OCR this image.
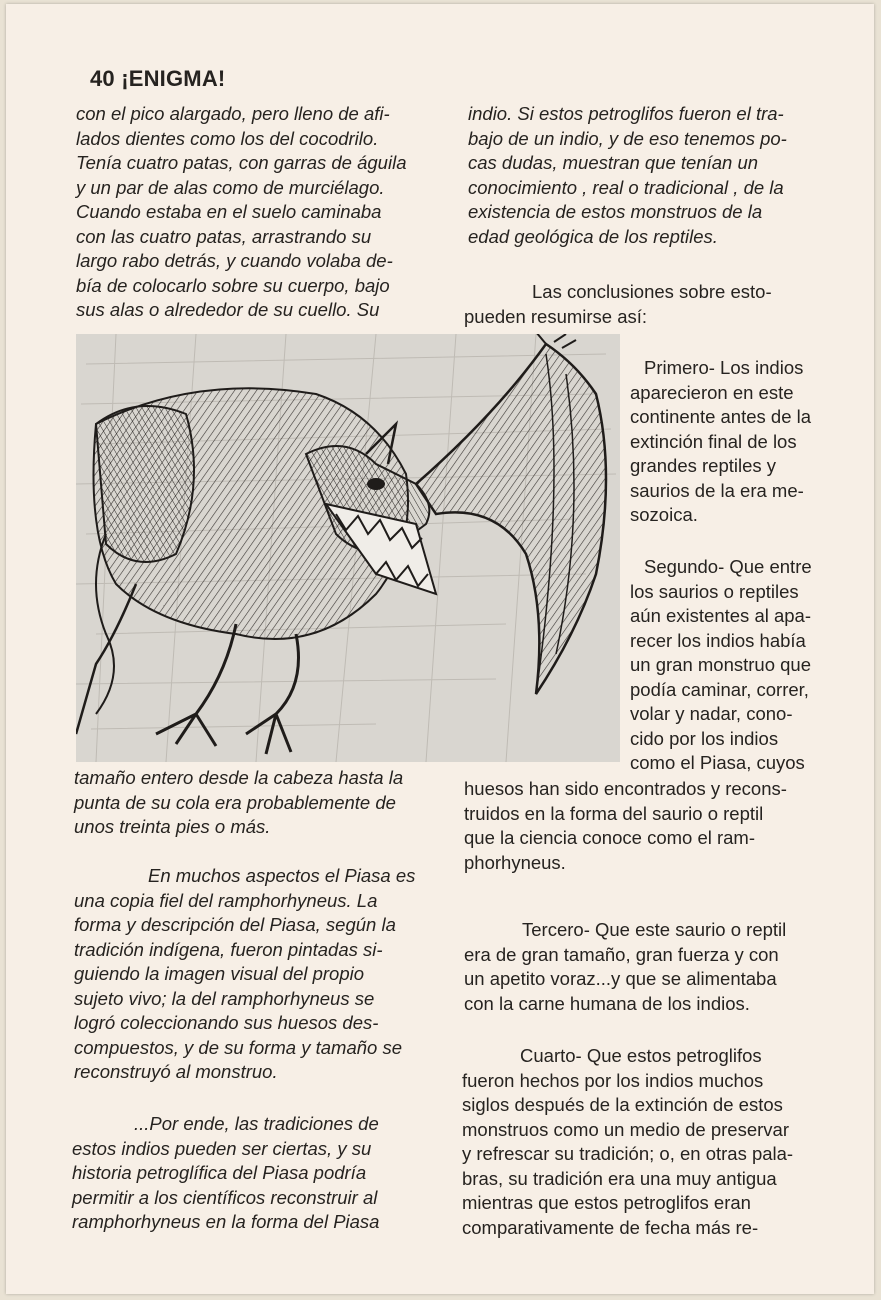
40 ¡ENIGMA!
con el pico alargado, pero lleno de afi-
lados dientes como los del cocodrilo.
Tenía cuatro patas, con garras de águila
y un par de alas como de murciélago.
Cuando estaba en el suelo caminaba
con las cuatro patas, arrastrando su
largo rabo detrás, y cuando volaba de-
bía de colocarlo sobre su cuerpo, bajo
sus alas o alrededor de su cuello. Su
indio. Si estos petroglifos fueron el tra-
bajo de un indio, y de eso tenemos po-
cas dudas, muestran que tenían un
conocimiento , real o tradicional , de la
existencia de estos monstruos de la
edad geológica de los reptiles.
Las conclusiones sobre esto-
pueden resumirse así:
Primero- Los indios
aparecieron en este
continente antes de la
extinción final de los
grandes reptiles y
saurios de la era me-
sozoica.
Segundo- Que entre
los saurios o reptiles
aún existentes al apa-
recer los indios había
un gran monstruo que
podía caminar, correr,
volar y nadar, cono-
cido por los indios
como el Piasa, cuyos
huesos han sido encontrados y recons-
truidos en la forma del saurio o reptil
que la ciencia conoce como el ram-
phorhyneus.
tamaño entero desde la cabeza hasta la
punta de su cola era probablemente de
unos treinta pies o más.
En muchos aspectos el Piasa es
una copia fiel del ramphorhyneus. La
forma y descripción del Piasa, según la
tradición indígena, fueron pintadas si-
guiendo la imagen visual del propio
sujeto vivo; la del ramphorhyneus se
logró coleccionando sus huesos des-
compuestos, y de su forma y tamaño se
reconstruyó al monstruo.
...Por ende, las tradiciones de
estos indios pueden ser ciertas, y su
historia petroglífica del Piasa podría
permitir a los científicos reconstruir al
ramphorhyneus en la forma del Piasa
Tercero- Que este saurio o reptil
era de gran tamaño, gran fuerza y con
un apetito voraz...y que se alimentaba
con la carne humana de los indios.
Cuarto- Que estos petroglifos
fueron hechos por los indios muchos
siglos después de la extinción de estos
monstruos como un medio de preservar
y refrescar su tradición; o, en otras pala-
bras, su tradición era una muy antigua
mientras que estos petroglifos eran
comparativamente de fecha más re-
